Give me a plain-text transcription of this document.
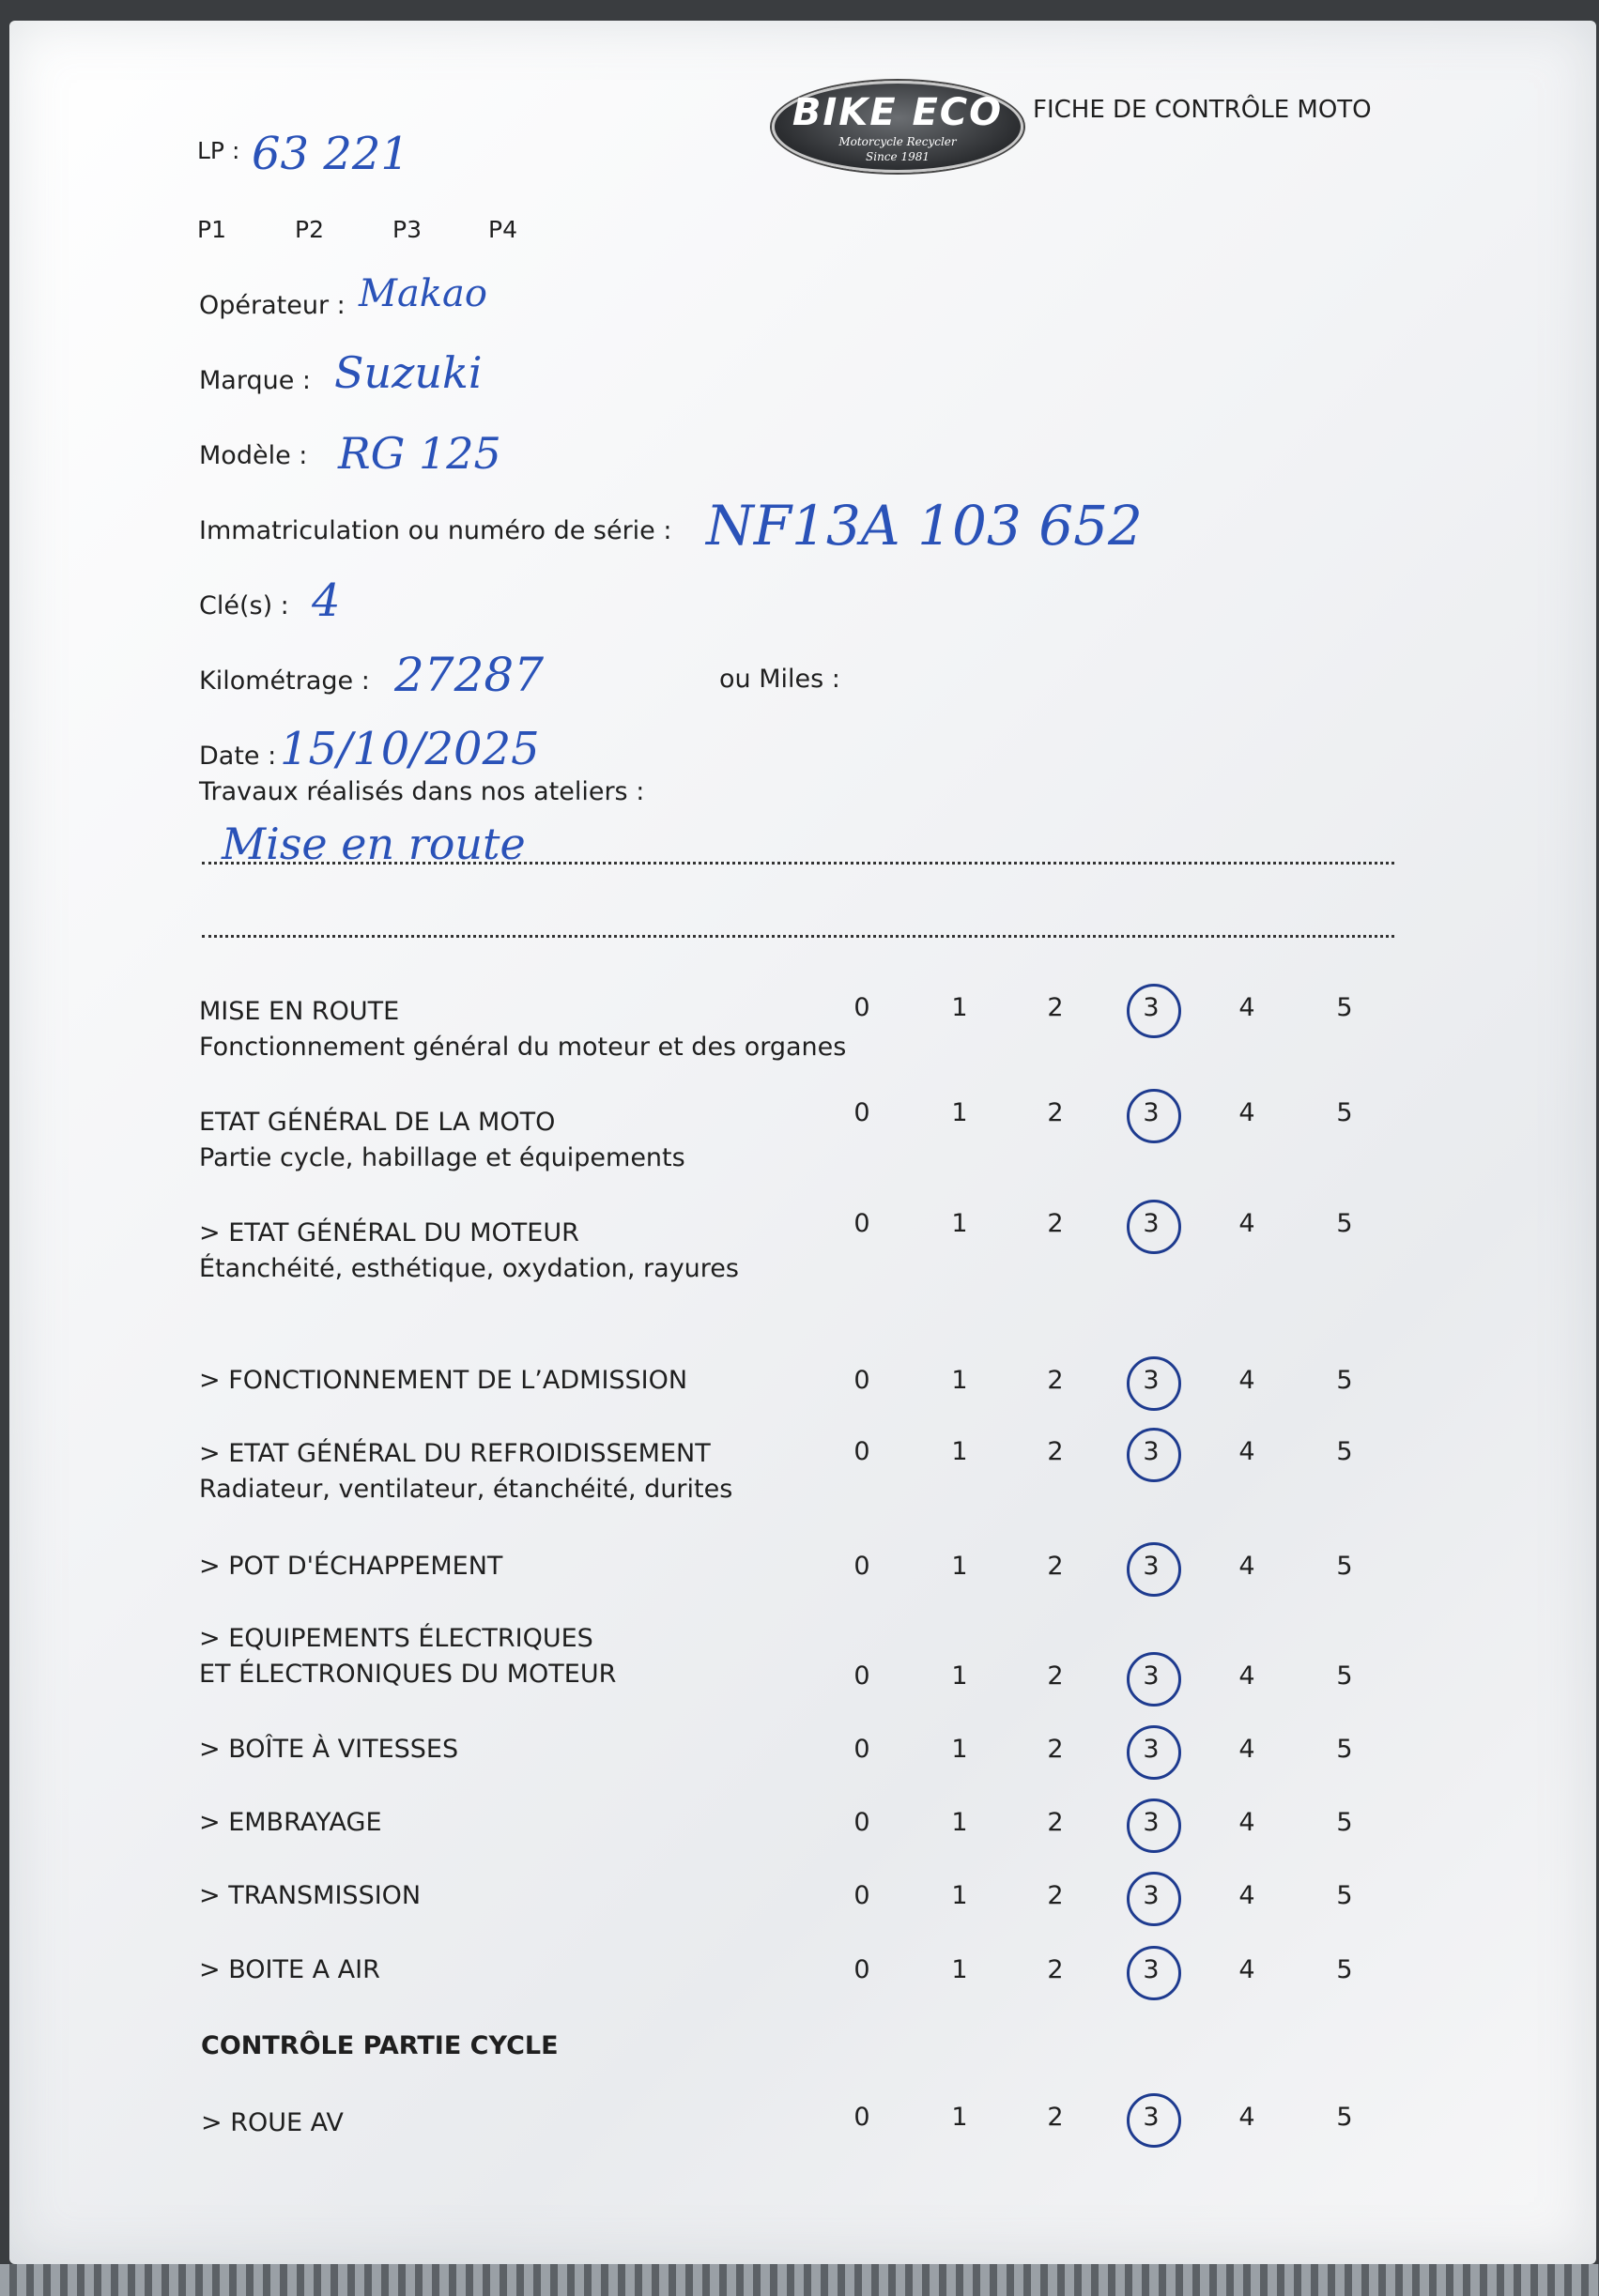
BIKE ECO
Motorcycle Recycler
Since 1981
FICHE DE CONTRÔLE MOTO
LP : 63 221
P1	P2	P3	P4
Opérateur : Makao
Marque : Suzuki
Modèle : RG 125
Immatriculation ou numéro de série : NF13A 103 652
Clé(s) : 4
Kilométrage : 27287	ou Miles :
Date : 15/10/2025
Travaux réalisés dans nos ateliers :
Mise en route
MISE EN ROUTE
Fonctionnement général du moteur et des organes
0	1	2	3	4	5
ETAT GÉNÉRAL DE LA MOTO
Partie cycle, habillage et équipements
0	1	2	3	4	5
> ETAT GÉNÉRAL DU MOTEUR
Étanchéité, esthétique, oxydation, rayures
0	1	2	3	4	5
> FONCTIONNEMENT DE L’ADMISSION	0	1	2	3	4	5
> ETAT GÉNÉRAL DU REFROIDISSEMENT
Radiateur, ventilateur, étanchéité, durites
0	1	2	3	4	5
> POT D'ÉCHAPPEMENT	0	1	2	3	4	5
> EQUIPEMENTS ÉLECTRIQUES
ET ÉLECTRONIQUES DU MOTEUR	0	1	2	3	4	5
> BOÎTE À VITESSES	0	1	2	3	4	5
> EMBRAYAGE	0	1	2	3	4	5
> TRANSMISSION	0	1	2	3	4	5
> BOITE A AIR	0	1	2	3	4	5
> ROUE AV	0	1	2	3	4	5
CONTRÔLE PARTIE CYCLE
